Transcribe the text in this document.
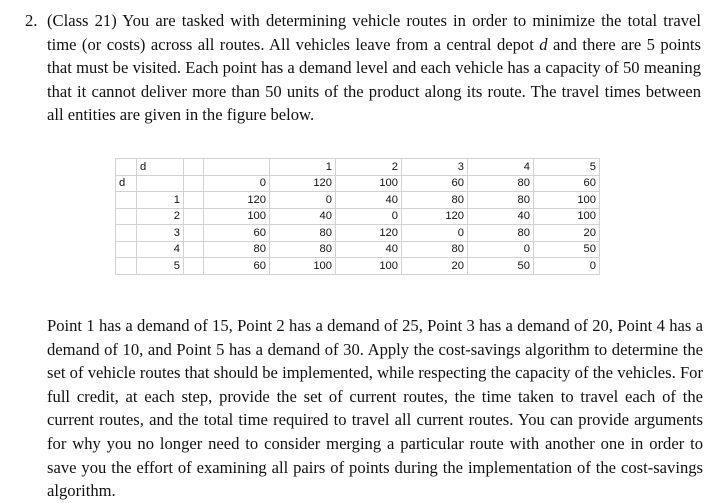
2. (Class 21) You are tasked with determining vehicle routes in order to minimize the total travel time (or costs) across all routes. All vehicles leave from a central depot d and there are 5 points that must be visited. Each point has a demand level and each vehicle has a capacity of 50 meaning that it cannot deliver more than 50 units of the product along its route. The travel times between all entities are given in the figure below.
	d			1	2	3	4	5
d			0	120	100	60	80	60
	1		120	0	40	80	80	100
	2		100	40	0	120	40	100
	3		60	80	120	0	80	20
	4		80	80	40	80	0	50
	5		60	100	100	20	50	0
Point 1 has a demand of 15, Point 2 has a demand of 25, Point 3 has a demand of 20, Point 4 has a demand of 10, and Point 5 has a demand of 30. Apply the cost-savings algorithm to determine the set of vehicle routes that should be implemented, while respecting the capacity of the vehicles. For full credit, at each step, provide the set of current routes, the time taken to travel each of the current routes, and the total time required to travel all current routes. You can provide arguments for why you no longer need to consider merging a particular route with another one in order to save you the effort of examining all pairs of points during the implementation of the cost-savings algorithm.
